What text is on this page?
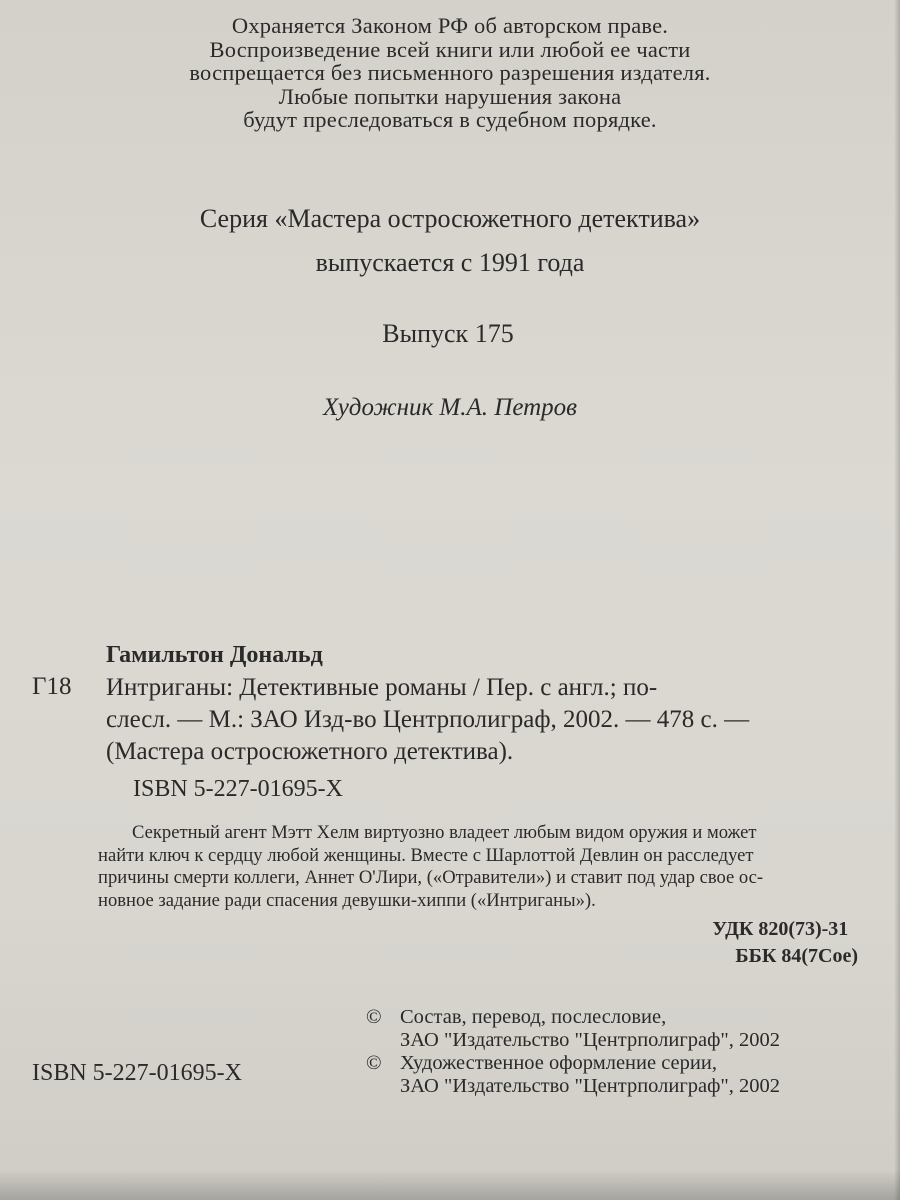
Охраняется Законом РФ об авторском праве.
Воспроизведение всей книги или любой ее части
воспрещается без письменного разрешения издателя.
Любые попытки нарушения закона
будут преследоваться в судебном порядке.
Серия «Мастера остросюжетного детектива»
выпускается с 1991 года
Выпуск 175
Художник М.А. Петров
Гамильтон Дональд
Г18 Интриганы: Детективные романы / Пер. с англ.; по-
слесл. — М.: ЗАО Изд-во Центрполиграф, 2002. — 478 с. —
(Мастера остросюжетного детектива).
ISBN 5-227-01695-X
Секретный агент Мэтт Хелм виртуозно владеет любым видом оружия и может
найти ключ к сердцу любой женщины. Вместе с Шарлоттой Девлин он расследует
причины смерти коллеги, Аннет О'Лири, («Отравители») и ставит под удар свое ос-
новное задание ради спасения девушки-хиппи («Интриганы»).
УДК 820(73)-31
ББК 84(7Сое)
© Состав, перевод, послесловие,
ЗАО "Издательство "Центрполиграф", 2002
© Художественное оформление серии,
ЗАО "Издательство "Центрполиграф", 2002
ISBN 5-227-01695-X
